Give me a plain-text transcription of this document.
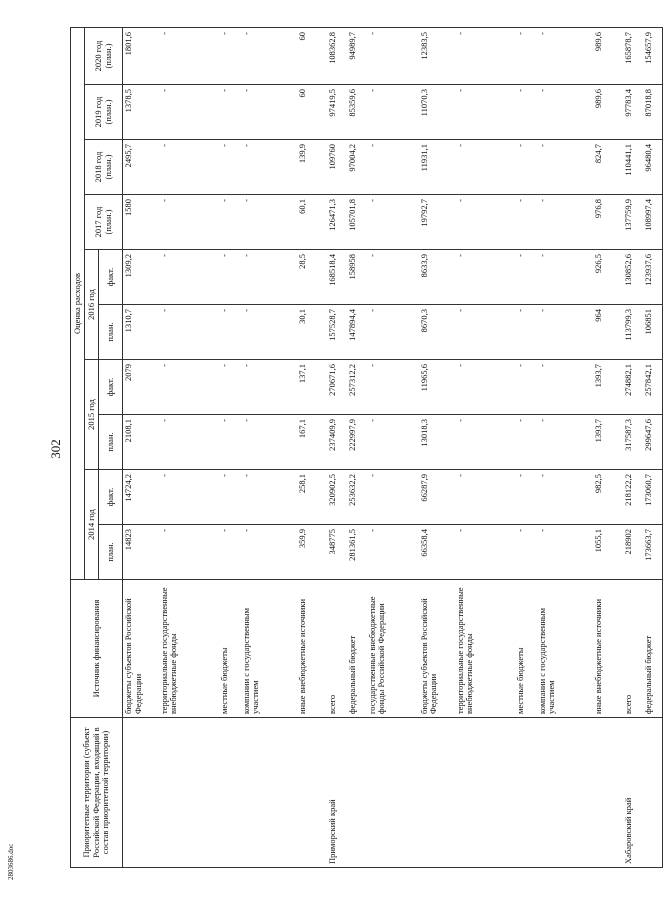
302
Приоритетные территории (субъект Российской Федерации, входящий в состав приоритетной территории)	Источник финансирования	Оценка расходов									
		2014 год		2015 год		2016 год		2017 год (план.)	2018 год (план.)	2019 год (план.)	2020 год (план.)
		план.	факт.	план.	факт.	план.	факт.				
	бюджеты субъектов Российской Федерации	14823	14724,2	2108,1	2079	1310,7	1309,2	1580	2495,7	1378,5	1801,6
	территориальные государственные внебюджетные фонды	-	-	-	-	-	-	-	-	-	-
	местные бюджеты	-	-	-	-	-	-	-	-	-	-
	компании с государственным участием	-	-	-	-	-	-	-	-	-	-
	иные внебюджетные источники	359,9	258,1	167,1	137,1	30,1	28,5	60,1	139,9	60	60
Приморский край	всего	348775	320902,5	237409,9	270671,6	157528,7	168518,4	126471,3	109760	97419,5	108362,8
	федеральный бюджет	281361,5	253632,2	222997,9	257312,2	147894,4	158958	105701,8	97004,2	85359,6	94989,7
	государственные внебюджетные фонды Российской Федерации	-	-	-	-	-	-	-	-	-	-
	бюджеты субъектов Российской Федерации	66358,4	66287,9	13018,3	11965,6	8670,3	8633,9	19792,7	11931,1	11070,3	12383,5
	территориальные государственные внебюджетные фонды	-	-	-	-	-	-	-	-	-	-
	местные бюджеты	-	-	-	-	-	-	-	-	-	-
	компании с государственным участием	-	-	-	-	-	-	-	-	-	-
	иные внебюджетные источники	1055,1	982,5	1393,7	1393,7	964	926,5	976,8	824,7	989,6	989,6
Хабаровский край	всего	218902	218122,2	317587,3	274882,1	113799,3	130852,6	137759,9	110441,1	97783,4	165878,7
	федеральный бюджет	173663,7	173060,7	299647,6	257842,1	106851	123937,6	108997,4	96480,4	87018,8	154657,9
2803686.doc
